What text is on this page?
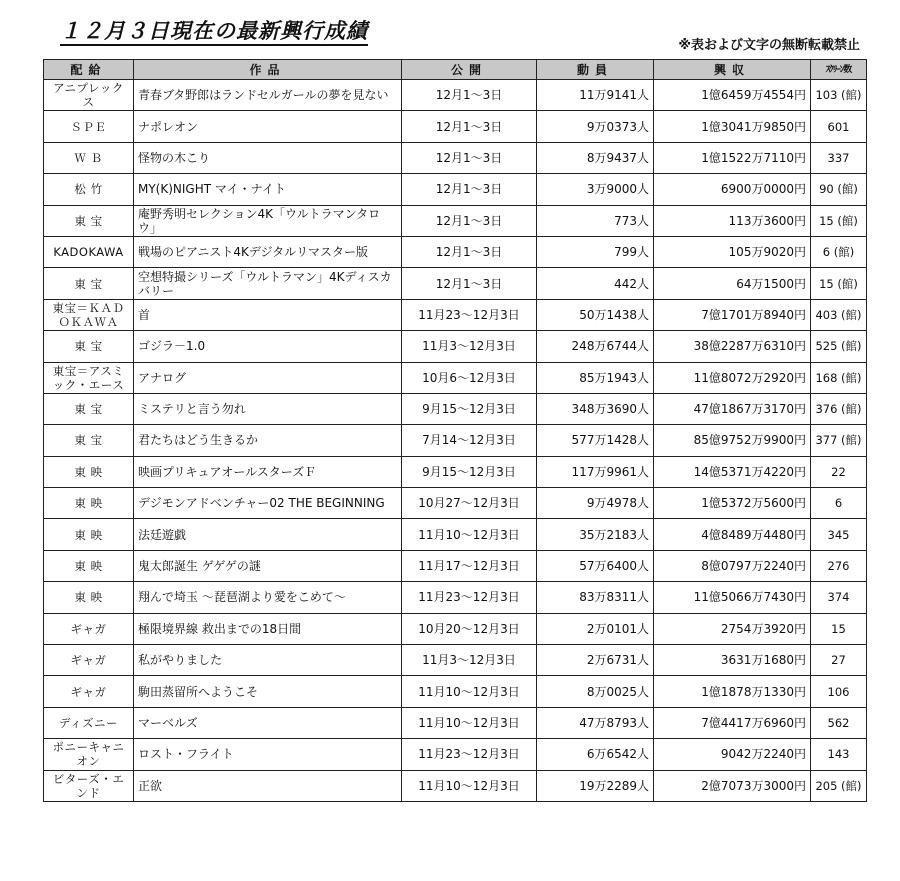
１２月３日現在の最新興行成績
※表および文字の無断転載禁止
配給	作品	公開	動員	興収	ｽｸﾘｰﾝ数
アニプレックス	青春ブタ野郎はランドセルガールの夢を見ない	12月1～3日	11万9141人	1億6459万4554円	103 (館)
ＳＰＥ	ナポレオン	12月1～3日	9万0373人	1億3041万9850円	601
Ｗ Ｂ	怪物の木こり	12月1～3日	8万9437人	1億1522万7110円	337
松 竹	MY(K)NIGHT マイ・ナイト	12月1～3日	3万9000人	6900万0000円	90 (館)
東 宝	庵野秀明セレクション4K「ウルトラマンタロウ」	12月1～3日	773人	113万3600円	15 (館)
KADOKAWA	戦場のピアニスト4Kデジタルリマスター版	12月1～3日	799人	105万9020円	6 (館)
東 宝	空想特撮シリーズ「ウルトラマン」4Kディスカバリー	12月1～3日	442人	64万1500円	15 (館)
東宝＝ＫＡＤＯＫＡＷＡ	首	11月23～12月3日	50万1438人	7億1701万8940円	403 (館)
東 宝	ゴジラ－1.0	11月3～12月3日	248万6744人	38億2287万6310円	525 (館)
東宝＝アスミック・エース	アナログ	10月6～12月3日	85万1943人	11億8072万2920円	168 (館)
東 宝	ミステリと言う勿れ	9月15～12月3日	348万3690人	47億1867万3170円	376 (館)
東 宝	君たちはどう生きるか	7月14～12月3日	577万1428人	85億9752万9900円	377 (館)
東 映	映画プリキュアオールスターズＦ	9月15～12月3日	117万9961人	14億5371万4220円	22
東 映	デジモンアドベンチャー02 THE BEGINNING	10月27～12月3日	9万4978人	1億5372万5600円	6
東 映	法廷遊戯	11月10～12月3日	35万2183人	4億8489万4480円	345
東 映	鬼太郎誕生 ゲゲゲの謎	11月17～12月3日	57万6400人	8億0797万2240円	276
東 映	翔んで埼玉 ～琵琶湖より愛をこめて～	11月23～12月3日	83万8311人	11億5066万7430円	374
ギャガ	極限境界線 救出までの18日間	10月20～12月3日	2万0101人	2754万3920円	15
ギャガ	私がやりました	11月3～12月3日	2万6731人	3631万1680円	27
ギャガ	駒田蒸留所へようこそ	11月10～12月3日	8万0025人	1億1878万1330円	106
ディズニー	マーベルズ	11月10～12月3日	47万8793人	7億4417万6960円	562
ポニーキャニオン	ロスト・フライト	11月23～12月3日	6万6542人	9042万2240円	143
ビターズ・エンド	正欲	11月10～12月3日	19万2289人	2億7073万3000円	205 (館)
